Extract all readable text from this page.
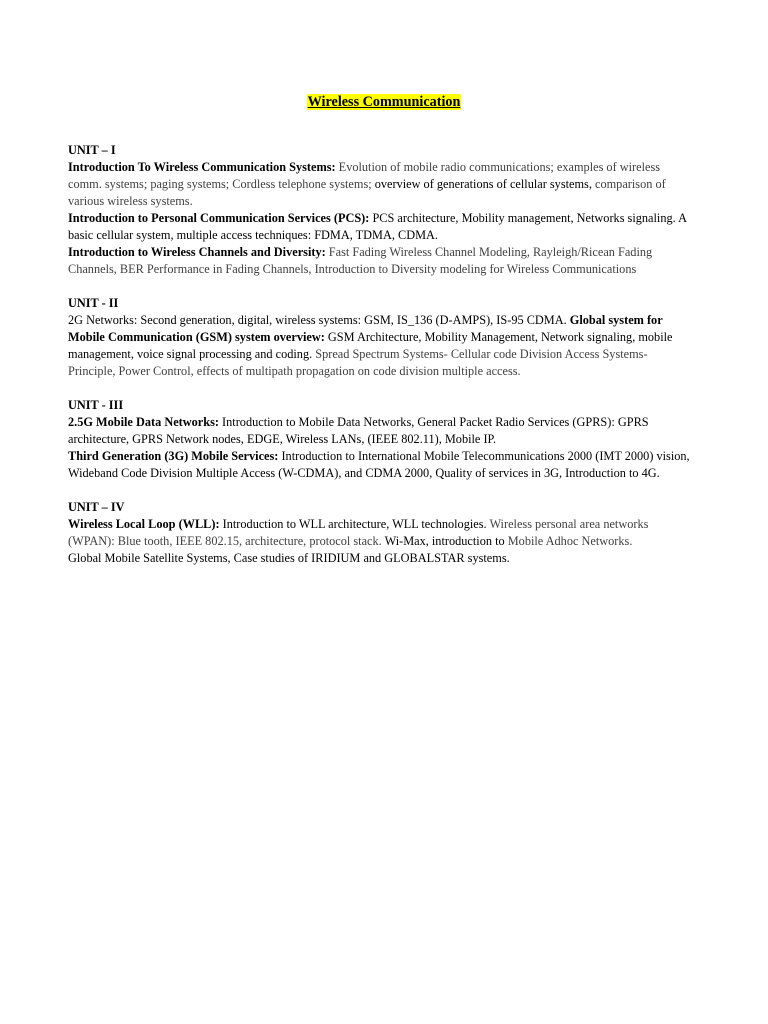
Wireless Communication

UNIT – I

Introduction To Wireless Communication Systems: Evolution of mobile radio communications; examples of wireless comm. systems; paging systems; Cordless telephone systems; overview of generations of cellular systems, comparison of various wireless systems.

Introduction to Personal Communication Services (PCS): PCS architecture, Mobility management, Networks signaling. A basic cellular system, multiple access techniques: FDMA, TDMA, CDMA.

Introduction to Wireless Channels and Diversity: Fast Fading Wireless Channel Modeling, Rayleigh/Ricean Fading Channels, BER Performance in Fading Channels, Introduction to Diversity modeling for Wireless Communications

UNIT - II

2G Networks: Second generation, digital, wireless systems: GSM, IS_136 (D-AMPS), IS-95 CDMA. Global system for Mobile Communication (GSM) system overview: GSM Architecture, Mobility Management, Network signaling, mobile management, voice signal processing and coding. Spread Spectrum Systems- Cellular code Division Access Systems-Principle, Power Control, effects of multipath propagation on code division multiple access.

UNIT - III

2.5G Mobile Data Networks: Introduction to Mobile Data Networks, General Packet Radio Services (GPRS): GPRS architecture, GPRS Network nodes, EDGE, Wireless LANs, (IEEE 802.11), Mobile IP.

Third Generation (3G) Mobile Services: Introduction to International Mobile Telecommunications 2000 (IMT 2000) vision, Wideband Code Division Multiple Access (W-CDMA), and CDMA 2000, Quality of services in 3G, Introduction to 4G.

UNIT – IV

Wireless Local Loop (WLL): Introduction to WLL architecture, WLL technologies. Wireless personal area networks (WPAN): Blue tooth, IEEE 802.15, architecture, protocol stack. Wi-Max, introduction to Mobile Adhoc Networks.

Global Mobile Satellite Systems, Case studies of IRIDIUM and GLOBALSTAR systems.
